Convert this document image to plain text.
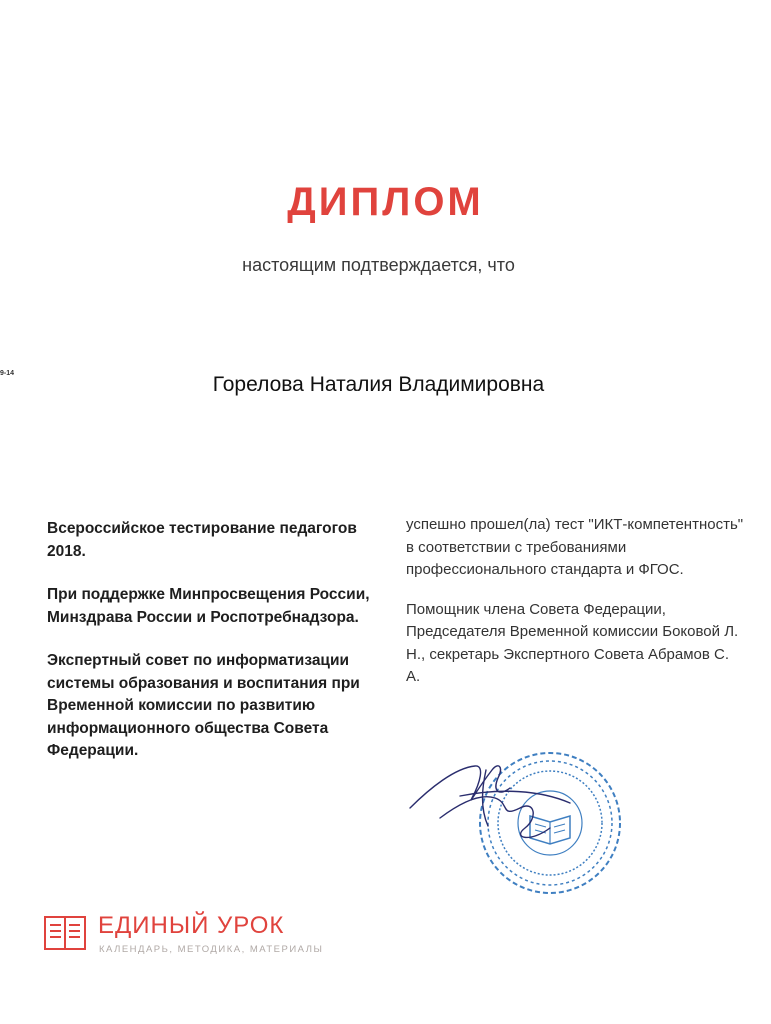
ДИПЛОМ
настоящим подтверждается, что
9-14	Горелова Наталия Владимировна

Всероссийское тестирование педагогов 2018.

При поддержке Минпросвещения России, Минздрава России и Роспотребнадзора.

Экспертный совет по информатизации системы образования и воспитания при Временной комиссии по развитию информационного общества Совета Федерации.

успешно прошел(ла) тест "ИКТ-компетентность" в соответствии с требованиями профессионального стандарта и ФГОС.

Помощник члена Совета Федерации, Председателя Временной комиссии Боковой Л. Н., секретарь Экспертного Совета Абрамов С. А.

ЕДИНЫЙ УРОК
КАЛЕНДАРЬ, МЕТОДИКА, МАТЕРИАЛЫ
